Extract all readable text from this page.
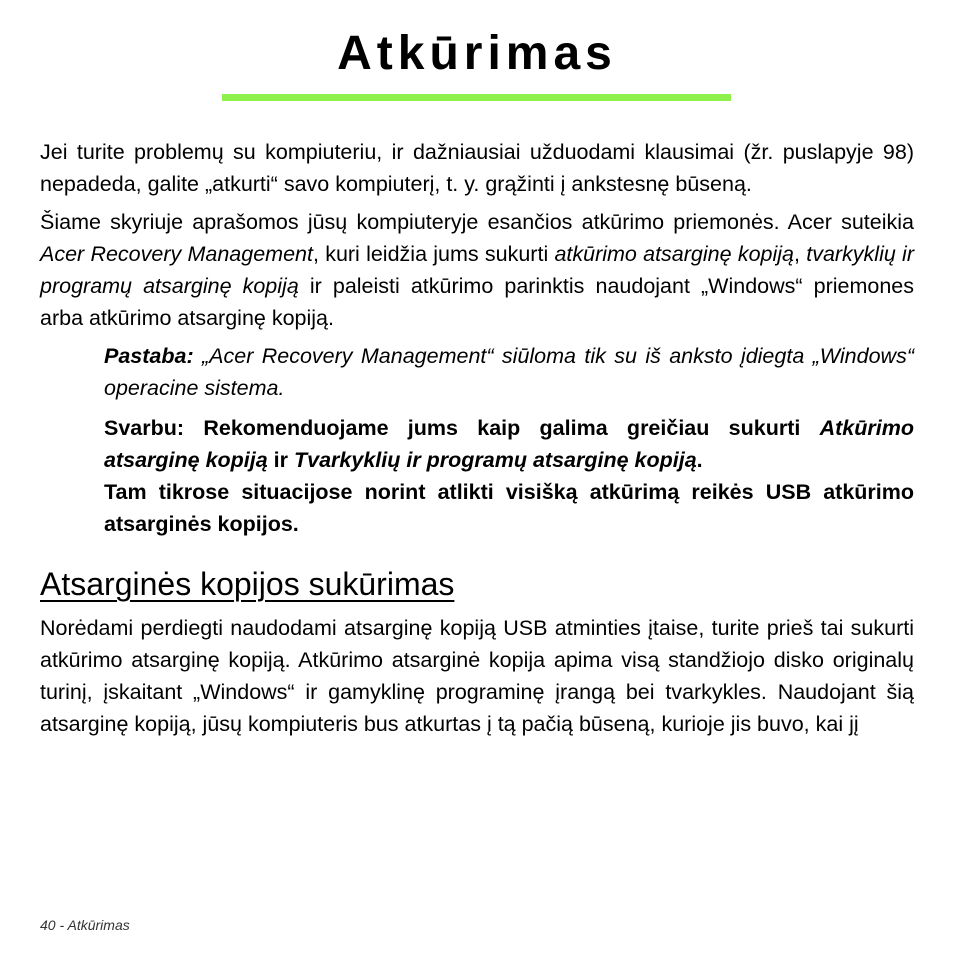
Atkūrimas

Jei turite problemų su kompiuteriu, ir dažniausiai užduodami klausimai (žr. puslapyje 98) nepadeda, galite „atkurti“ savo kompiuterį, t. y. grąžinti į ankstesnę būseną.

Šiame skyriuje aprašomos jūsų kompiuteryje esančios atkūrimo priemonės. Acer suteikia Acer Recovery Management, kuri leidžia jums sukurti atkūrimo atsarginę kopiją, tvarkyklių ir programų atsarginę kopiją ir paleisti atkūrimo parinktis naudojant „Windows“ priemones arba atkūrimo atsarginę kopiją.

Pastaba: „Acer Recovery Management“ siūloma tik su iš anksto įdiegta „Windows“ operacine sistema.

Svarbu: Rekomenduojame jums kaip galima greičiau sukurti Atkūrimo atsarginę kopiją ir Tvarkyklių ir programų atsarginę kopiją.

Tam tikrose situacijose norint atlikti visišką atkūrimą reikės USB atkūrimo atsarginės kopijos.

Atsarginės kopijos sukūrimas

Norėdami perdiegti naudodami atsarginę kopiją USB atminties įtaise, turite prieš tai sukurti atkūrimo atsarginę kopiją. Atkūrimo atsarginė kopija apima visą standžiojo disko originalų turinį, įskaitant „Windows“ ir gamyklinę programinę įrangą bei tvarkykles. Naudojant šią atsarginę kopiją, jūsų kompiuteris bus atkurtas į tą pačią būseną, kurioje jis buvo, kai jį

40 - Atkūrimas
